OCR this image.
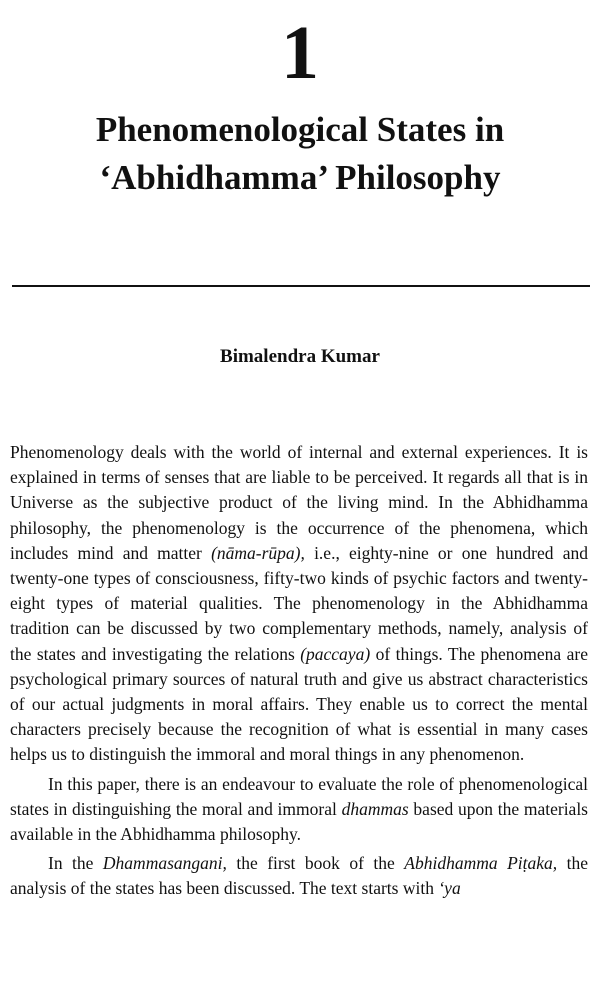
1
Phenomenological States in
‘Abhidhamma’ Philosophy
Bimalendra Kumar

Phenomenology deals with the world of internal and external experiences. It is explained in terms of senses that are liable to be perceived. It regards all that is in Universe as the subjective product of the living mind. In the Abhidhamma philosophy, the phenomenology is the occurrence of the phenomena, which includes mind and matter (nāma-rūpa), i.e., eighty-nine or one hundred and twenty-one types of consciousness, fifty-two kinds of psychic factors and twenty-eight types of material qualities. The phenomenology in the Abhidhamma tradition can be discussed by two complementary methods, namely, analysis of the states and investigating the relations (paccaya) of things. The phenomena are psychological primary sources of natural truth and give us abstract characteristics of our actual judgments in moral affairs. They enable us to correct the mental characters precisely because the recognition of what is essential in many cases helps us to distinguish the immoral and moral things in any phenomenon.

In this paper, there is an endeavour to evaluate the role of phenomenological states in distinguishing the moral and immoral dhammas based upon the materials available in the Abhidhamma philosophy.

In the Dhammasangani, the first book of the Abhidhamma Piṭaka, the analysis of the states has been discussed. The text starts with ‘ya
